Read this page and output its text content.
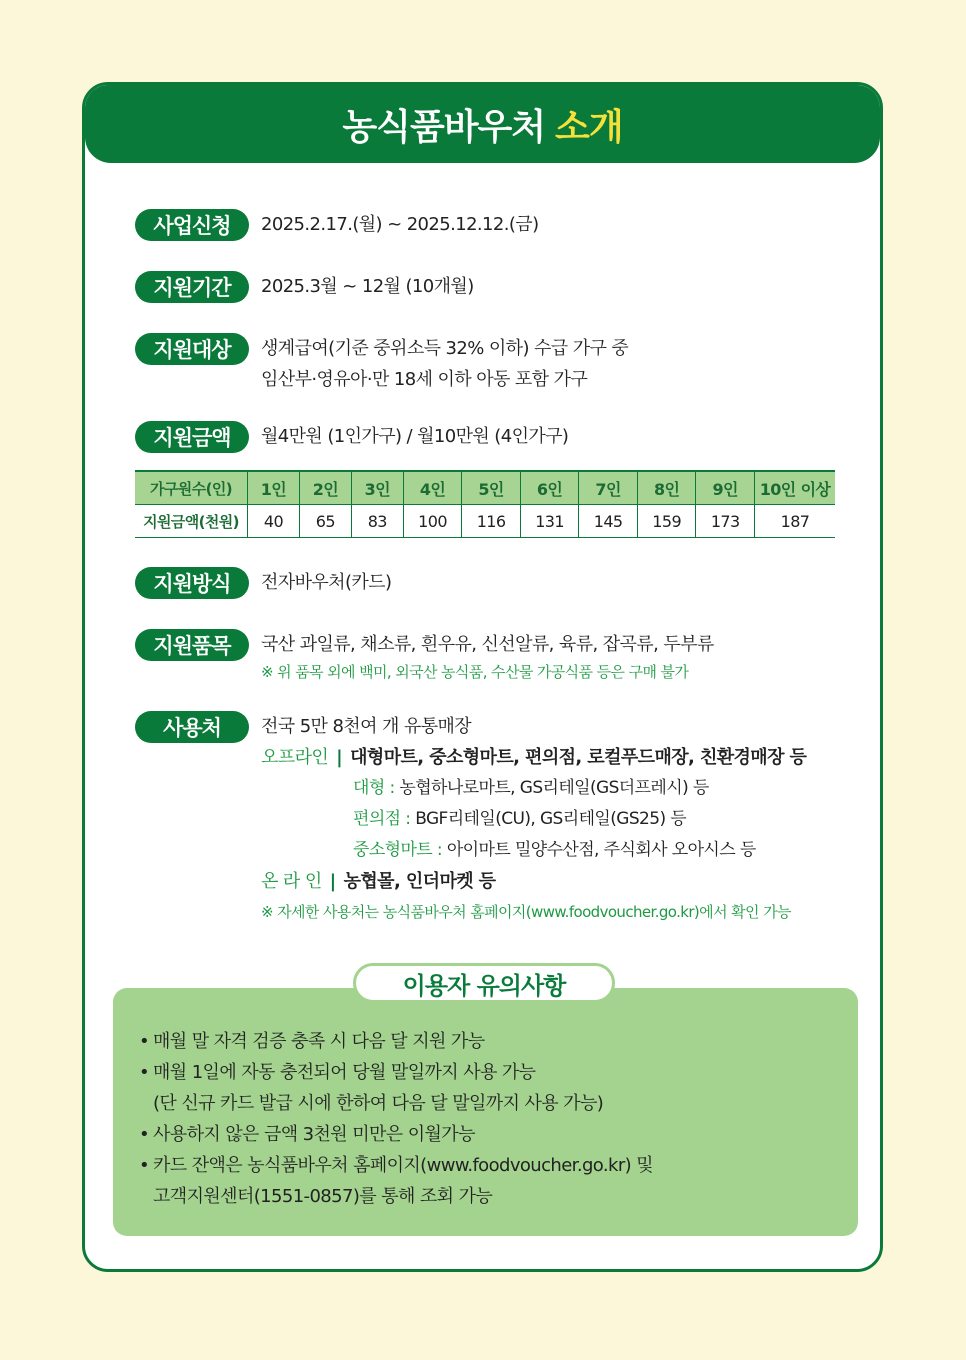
농식품바우처 소개
사업신청	2025.2.17.(월) ~ 2025.12.12.(금)
지원기간	2025.3월 ~ 12월 (10개월)
지원대상	생계급여(기준 중위소득 32% 이하) 수급 가구 중
임산부·영유아·만 18세 이하 아동 포함 가구
지원금액	월4만원 (1인가구) / 월10만원 (4인가구)
가구원수(인)	1인	2인	3인	4인	5인	6인	7인	8인	9인	10인 이상
지원금액(천원)	40	65	83	100	116	131	145	159	173	187
지원방식	전자바우처(카드)
지원품목	국산 과일류, 채소류, 흰우유, 신선알류, 육류, 잡곡류, 두부류
※ 위 품목 외에 백미, 외국산 농식품, 수산물 가공식품 등은 구매 불가
사용처	전국 5만 8천여 개 유통매장
오프라인 | 대형마트, 중소형마트, 편의점, 로컬푸드매장, 친환경매장 등
대형 : 농협하나로마트, GS리테일(GS더프레시) 등
편의점 : BGF리테일(CU), GS리테일(GS25) 등
중소형마트 : 아이마트 밀양수산점, 주식회사 오아시스 등
온 라 인 | 농협몰, 인더마켓 등
※ 자세한 사용처는 농식품바우처 홈페이지(www.foodvoucher.go.kr)에서 확인 가능
이용자 유의사항
• 매월 말 자격 검증 충족 시 다음 달 지원 가능
• 매월 1일에 자동 충전되어 당월 말일까지 사용 가능
(단 신규 카드 발급 시에 한하여 다음 달 말일까지 사용 가능)
• 사용하지 않은 금액 3천원 미만은 이월가능
• 카드 잔액은 농식품바우처 홈페이지(www.foodvoucher.go.kr) 및
고객지원센터(1551-0857)를 통해 조회 가능
